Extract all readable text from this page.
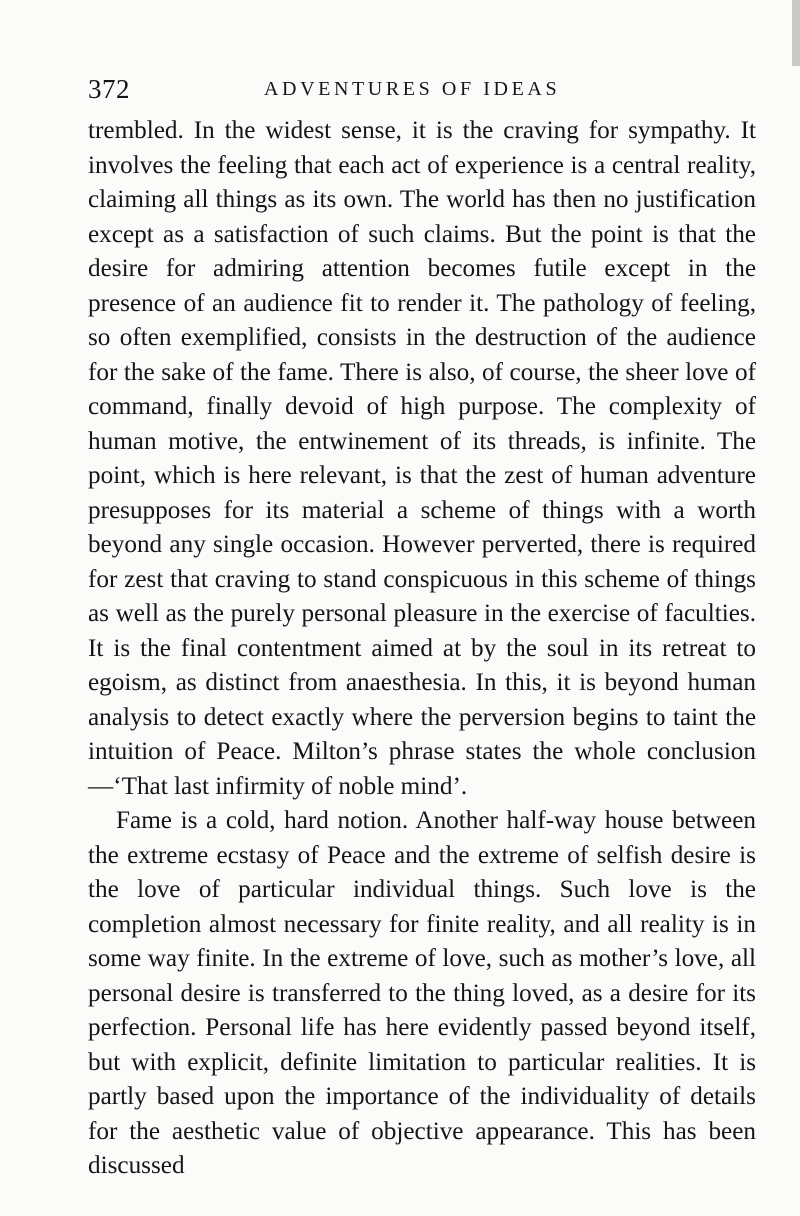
372	ADVENTURES OF IDEAS

trembled. In the widest sense, it is the craving for sympathy. It involves the feeling that each act of experience is a central reality, claiming all things as its own. The world has then no justification except as a satisfaction of such claims. But the point is that the desire for admiring attention becomes futile except in the presence of an audience fit to render it. The pathology of feeling, so often exemplified, consists in the destruction of the audience for the sake of the fame. There is also, of course, the sheer love of command, finally devoid of high purpose. The complexity of human motive, the entwinement of its threads, is infinite. The point, which is here relevant, is that the zest of human adventure presupposes for its material a scheme of things with a worth beyond any single occasion. However perverted, there is required for zest that craving to stand conspicuous in this scheme of things as well as the purely personal pleasure in the exercise of faculties. It is the final contentment aimed at by the soul in its retreat to egoism, as distinct from anaesthesia. In this, it is beyond human analysis to detect exactly where the perversion begins to taint the intuition of Peace. Milton’s phrase states the whole conclusion—‘That last infirmity of noble mind’.

Fame is a cold, hard notion. Another half-way house between the extreme ecstasy of Peace and the extreme of selfish desire is the love of particular individual things. Such love is the completion almost necessary for finite reality, and all reality is in some way finite. In the extreme of love, such as mother’s love, all personal desire is transferred to the thing loved, as a desire for its perfection. Personal life has here evidently passed beyond itself, but with explicit, definite limitation to particular realities. It is partly based upon the importance of the individuality of details for the aesthetic value of objective appearance. This has been discussed
